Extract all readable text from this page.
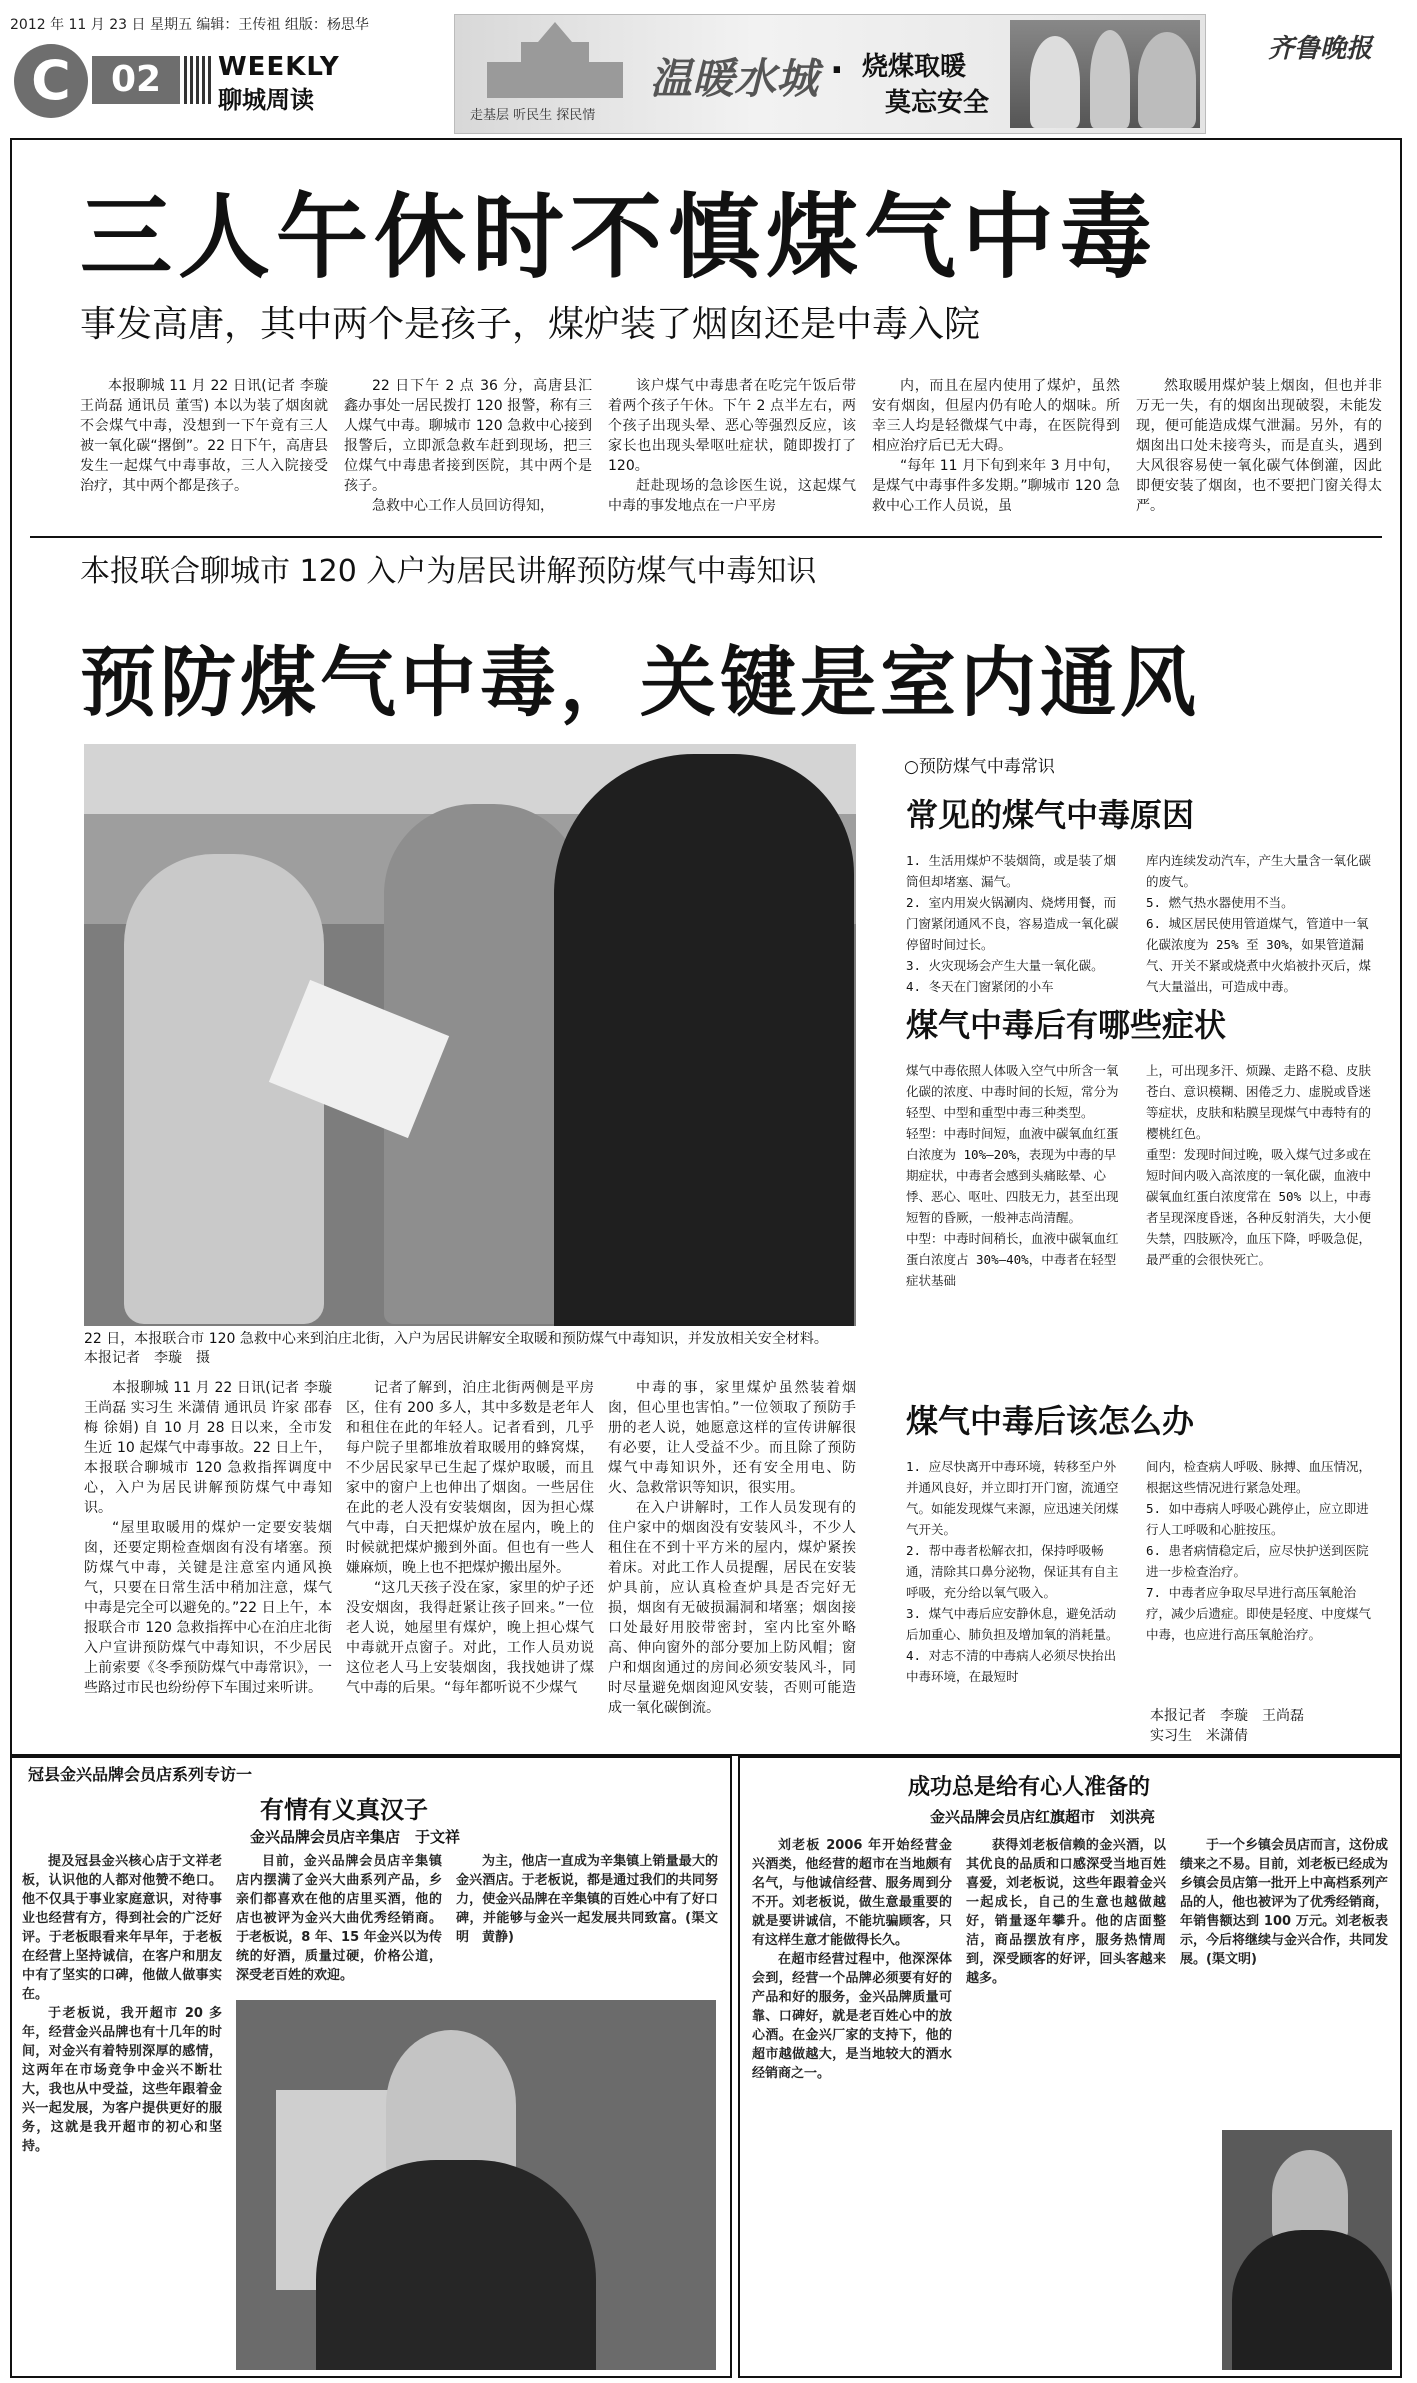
2012 年 11 月 23 日 星期五 编辑：王传祖 组版：杨思华
C	02	WEEKLY
聊城周读
走基层 听民生 探民情
温暖水城 · 烧煤取暖
莫忘安全
齐鲁晚报
三人午休时不慎煤气中毒
事发高唐，其中两个是孩子，煤炉装了烟囱还是中毒入院

本报聊城 11 月 22 日讯(记者 李璇 王尚磊 通讯员 董雪) 本以为装了烟囱就不会煤气中毒，没想到一下午竟有三人被一氧化碳“撂倒”。22 日下午，高唐县发生一起煤气中毒事故，三人入院接受治疗，其中两个都是孩子。

22 日下午 2 点 36 分，高唐县汇鑫办事处一居民拨打 120 报警，称有三人煤气中毒。聊城市 120 急救中心接到报警后，立即派急救车赶到现场，把三位煤气中毒患者接到医院，其中两个是孩子。

急救中心工作人员回访得知，

该户煤气中毒患者在吃完午饭后带着两个孩子午休。下午 2 点半左右，两个孩子出现头晕、恶心等强烈反应，该家长也出现头晕呕吐症状，随即拨打了 120。

赶赴现场的急诊医生说，这起煤气中毒的事发地点在一户平房

内，而且在屋内使用了煤炉，虽然安有烟囱，但屋内仍有呛人的烟味。所幸三人均是轻微煤气中毒，在医院得到相应治疗后已无大碍。

“每年 11 月下旬到来年 3 月中旬，是煤气中毒事件多发期。”聊城市 120 急救中心工作人员说，虽

然取暖用煤炉装上烟囱，但也并非万无一失，有的烟囱出现破裂，未能发现，便可能造成煤气泄漏。另外，有的烟囱出口处未接弯头，而是直头，遇到大风很容易使一氧化碳气体倒灌，因此即便安装了烟囱，也不要把门窗关得太严。

本报联合聊城市 120 入户为居民讲解预防煤气中毒知识
预防煤气中毒，关键是室内通风
22 日，本报联合市 120 急救中心来到泊庄北街，入户为居民讲解安全取暖和预防煤气中毒知识，并发放相关安全材料。　　本报记者　李璇　摄

本报聊城 11 月 22 日讯(记者 李璇 王尚磊 实习生 米潇倩 通讯员 许家 邵春梅 徐娟) 自 10 月 28 日以来，全市发生近 10 起煤气中毒事故。22 日上午，本报联合聊城市 120 急救指挥调度中心，入户为居民讲解预防煤气中毒知识。

“屋里取暖用的煤炉一定要安装烟囱，还要定期检查烟囱有没有堵塞。预防煤气中毒，关键是注意室内通风换气，只要在日常生活中稍加注意，煤气中毒是完全可以避免的。”22 日上午，本报联合市 120 急救指挥中心在泊庄北街入户宣讲预防煤气中毒知识，不少居民上前索要《冬季预防煤气中毒常识》，一些路过市民也纷纷停下车围过来听讲。

记者了解到，泊庄北街两侧是平房区，住有 200 多人，其中多数是老年人和租住在此的年轻人。记者看到，几乎每户院子里都堆放着取暖用的蜂窝煤，不少居民家早已生起了煤炉取暖，而且家中的窗户上也伸出了烟囱。一些居住在此的老人没有安装烟囱，因为担心煤气中毒，白天把煤炉放在屋内，晚上的时候就把煤炉搬到外面。但也有一些人嫌麻烦，晚上也不把煤炉搬出屋外。

“这几天孩子没在家，家里的炉子还没安烟囱，我得赶紧让孩子回来。”一位老人说，她屋里有煤炉，晚上担心煤气中毒就开点窗子。对此，工作人员劝说这位老人马上安装烟囱，我找她讲了煤气中毒的后果。“每年都听说不少煤气

中毒的事，家里煤炉虽然装着烟囱，但心里也害怕。”一位领取了预防手册的老人说，她愿意这样的宣传讲解很有必要，让人受益不少。而且除了预防煤气中毒知识外，还有安全用电、防火、急救常识等知识，很实用。

在入户讲解时，工作人员发现有的住户家中的烟囱没有安装风斗，不少人租住在不到十平方米的屋内，煤炉紧挨着床。对此工作人员提醒，居民在安装炉具前，应认真检查炉具是否完好无损，烟囱有无破损漏洞和堵塞；烟囱接口处最好用胶带密封，室内比室外略高、伸向窗外的部分要加上防风帽；窗户和烟囱通过的房间必须安装风斗，同时尽量避免烟囱迎风安装，否则可能造成一氧化碳倒流。

○预防煤气中毒常识
常见的煤气中毒原因

1. 生活用煤炉不装烟筒，或是装了烟筒但却堵塞、漏气。

2. 室内用炭火锅涮肉、烧烤用餐，而门窗紧闭通风不良，容易造成一氧化碳停留时间过长。

3. 火灾现场会产生大量一氧化碳。

4. 冬天在门窗紧闭的小车

库内连续发动汽车，产生大量含一氧化碳的废气。

5. 燃气热水器使用不当。

6. 城区居民使用管道煤气，管道中一氧化碳浓度为 25% 至 30%，如果管道漏气、开关不紧或烧煮中火焰被扑灭后，煤气大量溢出，可造成中毒。

煤气中毒后有哪些症状

煤气中毒依照人体吸入空气中所含一氧化碳的浓度、中毒时间的长短，常分为轻型、中型和重型中毒三种类型。

轻型：中毒时间短，血液中碳氧血红蛋白浓度为 10%—20%，表现为中毒的早期症状，中毒者会感到头痛眩晕、心悸、恶心、呕吐、四肢无力，甚至出现短暂的昏厥，一般神志尚清醒。

中型：中毒时间稍长，血液中碳氧血红蛋白浓度占 30%—40%，中毒者在轻型症状基础

上，可出现多汗、烦躁、走路不稳、皮肤苍白、意识模糊、困倦乏力、虚脱或昏迷等症状，皮肤和粘膜呈现煤气中毒特有的樱桃红色。

重型：发现时间过晚，吸入煤气过多或在短时间内吸入高浓度的一氧化碳，血液中碳氧血红蛋白浓度常在 50% 以上，中毒者呈现深度昏迷，各种反射消失，大小便失禁，四肢厥冷，血压下降，呼吸急促，最严重的会很快死亡。

煤气中毒后该怎么办

1. 应尽快离开中毒环境，转移至户外并通风良好，并立即打开门窗，流通空气。如能发现煤气来源，应迅速关闭煤气开关。

2. 帮中毒者松解衣扣，保持呼吸畅通，清除其口鼻分泌物，保证其有自主呼吸，充分给以氧气吸入。

3. 煤气中毒后应安静休息，避免活动后加重心、肺负担及增加氧的消耗量。

4. 对志不清的中毒病人必须尽快抬出中毒环境，在最短时

间内，检查病人呼吸、脉搏、血压情况，根据这些情况进行紧急处理。

5. 如中毒病人呼吸心跳停止，应立即进行人工呼吸和心脏按压。

6. 患者病情稳定后，应尽快护送到医院进一步检查治疗。

7. 中毒者应争取尽早进行高压氧舱治疗，减少后遗症。即使是轻度、中度煤气中毒，也应进行高压氧舱治疗。

本报记者　李璇　王尚磊
实习生　米潇倩
冠县金兴品牌会员店系列专访一
有情有义真汉子
金兴品牌会员店辛集店　于文祥

提及冠县金兴核心店于文祥老板，认识他的人都对他赞不绝口。他不仅具于事业家庭意识，对待事业也经营有方，得到社会的广泛好评。于老板眼看来年早年，于老板在经营上坚持诚信，在客户和朋友中有了坚实的口碑，他做人做事实在。

于老板说，我开超市 20 多年，经营金兴品牌也有十几年的时间，对金兴有着特别深厚的感情，这两年在市场竞争中金兴不断壮大，我也从中受益，这些年跟着金兴一起发展，为客户提供更好的服务，这就是我开超市的初心和坚持。

目前，金兴品牌会员店辛集镇店内摆满了金兴大曲系列产品，乡亲们都喜欢在他的店里买酒，他的店也被评为金兴大曲优秀经销商。于老板说，8 年、15 年金兴以为传统的好酒，质量过硬，价格公道，深受老百姓的欢迎。

为主，他店一直成为辛集镇上销量最大的金兴酒店。于老板说，都是通过我们的共同努力，使金兴品牌在辛集镇的百姓心中有了好口碑，并能够与金兴一起发展共同致富。(渠文明　黄静)

成功总是给有心人准备的
金兴品牌会员店红旗超市　刘洪亮

刘老板 2006 年开始经营金兴酒类，他经营的超市在当地颇有名气，与他诚信经营、服务周到分不开。刘老板说，做生意最重要的就是要讲诚信，不能坑骗顾客，只有这样生意才能做得长久。

在超市经营过程中，他深深体会到，经营一个品牌必须要有好的产品和好的服务，金兴品牌质量可靠、口碑好，就是老百姓心中的放心酒。在金兴厂家的支持下，他的超市越做越大，是当地较大的酒水经销商之一。

获得刘老板信赖的金兴酒，以其优良的品质和口感深受当地百姓喜爱，刘老板说，这些年跟着金兴一起成长，自己的生意也越做越好，销量逐年攀升。他的店面整洁，商品摆放有序，服务热情周到，深受顾客的好评，回头客越来越多。

于一个乡镇会员店而言，这份成绩来之不易。目前，刘老板已经成为乡镇会员店第一批开上中高档系列产品的人，他也被评为了优秀经销商，年销售额达到 100 万元。刘老板表示，今后将继续与金兴合作，共同发展。(渠文明)
